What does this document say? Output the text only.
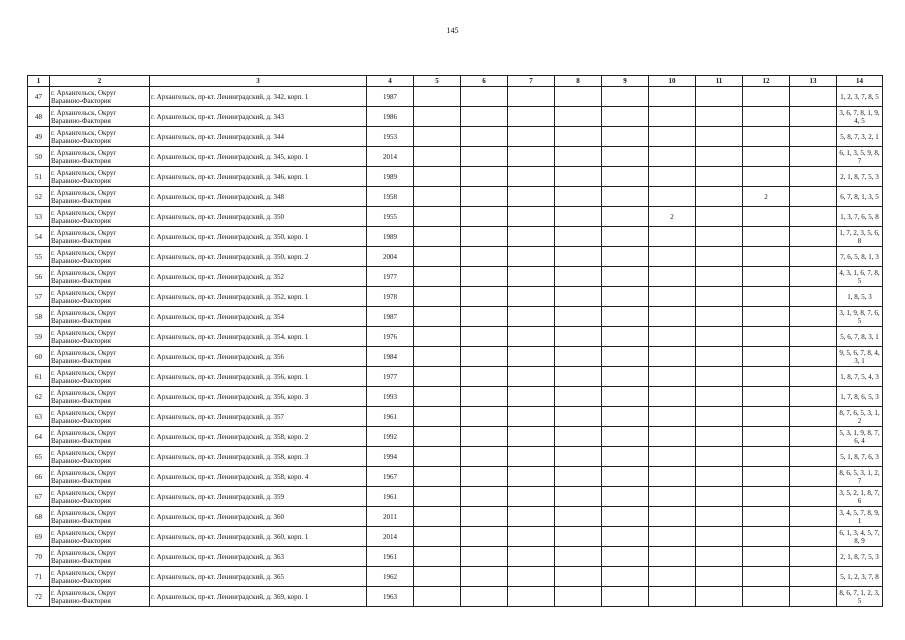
145
1	2	3	4	5	6	7	8	9	10	11	12	13	14
47	г. Архангельск, Округ Варавино-Фактория	г. Архангельск, пр-кт. Ленинградский, д. 342, корп. 1	1987										1, 2, 3, 7, 8, 5
48	г. Архангельск, Округ Варавино-Фактория	г. Архангельск, пр-кт. Ленинградский, д. 343	1986										3, 6, 7, 8, 1, 9, 4, 5
49	г. Архангельск, Округ Варавино-Фактория	г. Архангельск, пр-кт. Ленинградский, д. 344	1953										5, 8, 7, 3, 2, 1
50	г. Архангельск, Округ Варавино-Фактория	г. Архангельск, пр-кт. Ленинградский, д. 345, корп. 1	2014										6, 1, 3, 5, 9, 8, 7
51	г. Архангельск, Округ Варавино-Фактория	г. Архангельск, пр-кт. Ленинградский, д. 346, корп. 1	1989										2, 1, 8, 7, 5, 3
52	г. Архангельск, Округ Варавино-Фактория	г. Архангельск, пр-кт. Ленинградский, д. 348	1958								2		6, 7, 8, 1, 3, 5
53	г. Архангельск, Округ Варавино-Фактория	г. Архангельск, пр-кт. Ленинградский, д. 350	1955						2				1, 3, 7, 6, 5, 8
54	г. Архангельск, Округ Варавино-Фактория	г. Архангельск, пр-кт. Ленинградский, д. 350, корп. 1	1989										1, 7, 2, 3, 5, 6, 8
55	г. Архангельск, Округ Варавино-Фактория	г. Архангельск, пр-кт. Ленинградский, д. 350, корп. 2	2004										7, 6, 5, 8, 1, 3
56	г. Архангельск, Округ Варавино-Фактория	г. Архангельск, пр-кт. Ленинградский, д. 352	1977										4, 3, 1, 6, 7, 8, 5
57	г. Архангельск, Округ Варавино-Фактория	г. Архангельск, пр-кт. Ленинградский, д. 352, корп. 1	1978										1, 8, 5, 3
58	г. Архангельск, Округ Варавино-Фактория	г. Архангельск, пр-кт. Ленинградский, д. 354	1987										3, 1, 9, 8, 7, 6, 5
59	г. Архангельск, Округ Варавино-Фактория	г. Архангельск, пр-кт. Ленинградский, д. 354, корп. 1	1976										5, 6, 7, 8, 3, 1
60	г. Архангельск, Округ Варавино-Фактория	г. Архангельск, пр-кт. Ленинградский, д. 356	1984										9, 5, 6, 7, 8, 4, 3, 1
61	г. Архангельск, Округ Варавино-Фактория	г. Архангельск, пр-кт. Ленинградский, д. 356, корп. 1	1977										1, 8, 7, 5, 4, 3
62	г. Архангельск, Округ Варавино-Фактория	г. Архангельск, пр-кт. Ленинградский, д. 356, корп. 3	1993										1, 7, 8, 6, 5, 3
63	г. Архангельск, Округ Варавино-Фактория	г. Архангельск, пр-кт. Ленинградский, д. 357	1961										8, 7, 6, 5, 3, 1, 2
64	г. Архангельск, Округ Варавино-Фактория	г. Архангельск, пр-кт. Ленинградский, д. 358, корп. 2	1992										5, 3, 1, 9, 8, 7, 6, 4
65	г. Архангельск, Округ Варавино-Фактория	г. Архангельск, пр-кт. Ленинградский, д. 358, корп. 3	1994										5, 1, 8, 7, 6, 3
66	г. Архангельск, Округ Варавино-Фактория	г. Архангельск, пр-кт. Ленинградский, д. 358, корп. 4	1967										8, 6, 5, 3, 1, 2, 7
67	г. Архангельск, Округ Варавино-Фактория	г. Архангельск, пр-кт. Ленинградский, д. 359	1961										3, 5, 2, 1, 8, 7, 6
68	г. Архангельск, Округ Варавино-Фактория	г. Архангельск, пр-кт. Ленинградский, д. 360	2011										3, 4, 5, 7, 8, 9, 1
69	г. Архангельск, Округ Варавино-Фактория	г. Архангельск, пр-кт. Ленинградский, д. 360, корп. 1	2014										6, 1, 3, 4, 5, 7, 8, 9
70	г. Архангельск, Округ Варавино-Фактория	г. Архангельск, пр-кт. Ленинградский, д. 363	1961										2, 1, 8, 7, 5, 3
71	г. Архангельск, Округ Варавино-Фактория	г. Архангельск, пр-кт. Ленинградский, д. 365	1962										5, 1, 2, 3, 7, 8
72	г. Архангельск, Округ Варавино-Фактория	г. Архангельск, пр-кт. Ленинградский, д. 369, корп. 1	1963										8, 6, 7, 1, 2, 3, 5
